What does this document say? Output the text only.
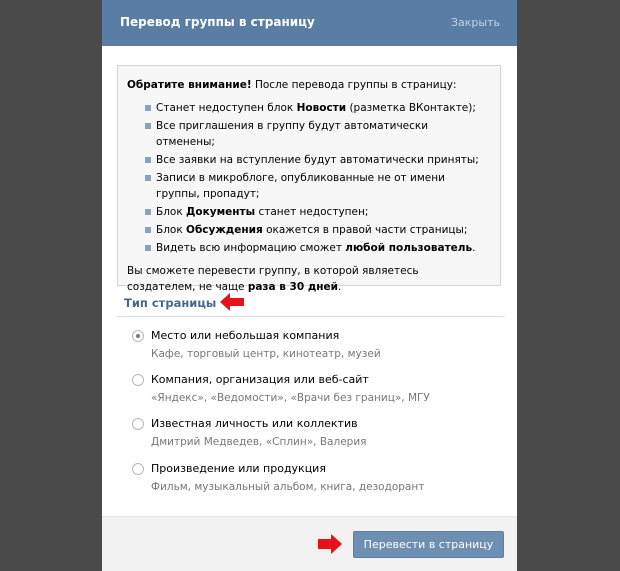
Перевод группы в страницу	Закрыть

Обратите внимание! После перевода группы в страницу:

Станет недоступен блок Новости (разметка ВКонтакте);
Все приглашения в группу будут автоматически отменены;
Все заявки на вступление будут автоматически приняты;
Записи в микроблоге, опубликованные не от имени группы, пропадут;
Блок Документы станет недоступен;
Блок Обсуждения окажется в правой части страницы;
Видеть всю информацию сможет любой пользователь.

Вы сможете перевести группу, в которой являетесь создателем, не чаще раза в 30 дней.

Тип страницы
Место или небольшая компания
Кафе, торговый центр, кинотеатр, музей
Компания, организация или веб-сайт
«Яндекс», «Ведомости», «Врачи без границ», МГУ
Известная личность или коллектив
Дмитрий Медведев, «Сплин», Валерия
Произведение или продукция
Фильм, музыкальный альбом, книга, дезодорант
Перевести в страницу
